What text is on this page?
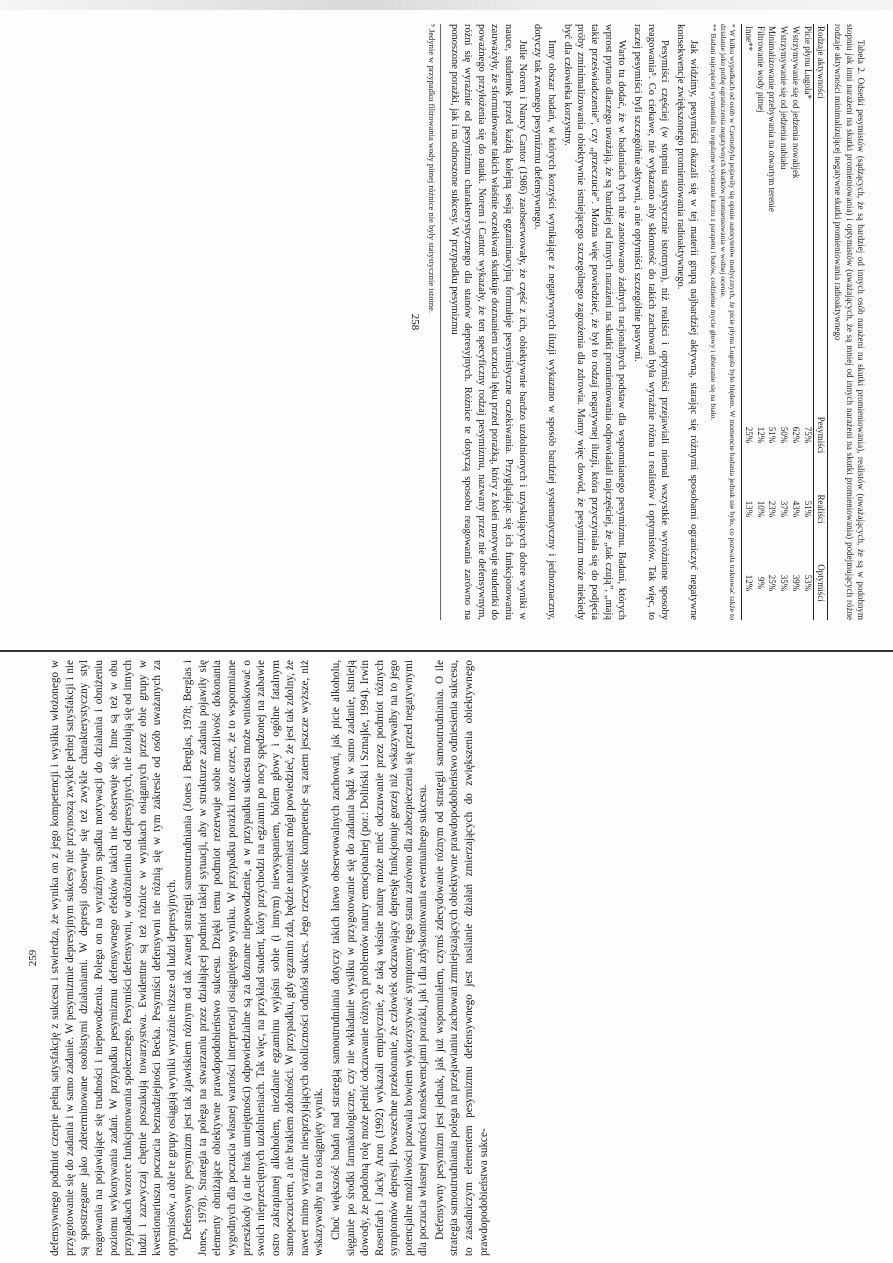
Tabela 2. Odsetki pesymistów (sądzących, że są bardziej od innych osób narażeni na skutki promieniowania), realistów (uważających, że są w podobnym stopniu jak inni narażeni na skutki promieniowania) i optymistów (uważających, że są mniej od innych narażeni na skutki promieniowania) podejmujących różne rodzaje aktywności minimalizującej negatywne skutki promieniowania radioaktywnego

Rodzaje aktywności	Pesymiści	Realiści	Optymiści
Picie płynu Lugola*	75%	51%	53%
Wstrzymywanie się od jedzenia nowalijek	62%	43%	39%
Wstrzymywanie się od jedzenia nabiału	50%	37%	35%
Minimalizowanie przebywania na otwartym terenie	51%	23%	25%
Filtrowanie wody pitnej	12%	10%	9%
Inne**	25%	13%	12%

* W kilku wypadkach od osób w Czernobylu pojawiły się opinie autorytetów medycznych, że picie płynu Lugola było błędem. W momencie badania jednak nie było, co pozwala traktować także to działanie jako próbę ograniczenia negatywnych skutków promieniowania w wolnej ocenie.

** Badani najczęściej wymieniali tu regularne wycieranie kurzu z parapetu i butów, codzienne mycie głowy i ubieranie się na biało.

Jak widzimy, pesymiści okazali się w tej materii grupą najbardziej aktywną, starając się różnymi sposobami ograniczyć negatywne konsekwencje zwiększonego promieniowania radioaktywnego.

Pesymiści częściej (w stopniu statystycznie istotnym), niż realiści i optymiści przejawiali niemal wszystkie wyróżnione sposoby reagowania⁵. Co ciekawe, nie wykazano aby skłonność do takich zachowań była wyraźnie różna u realistów i optymistów. Tak więc, to raczej pesymiści byli szczególnie aktywni, a nie optymiści szczególnie pasywni.

Warto tu dodać, że w badaniach tych nie zanotowano żadnych racjonalnych podstaw dla wspomnianego pesymizmu. Badani, których wprost pytano dlaczego uważają, że są bardziej od innych narażeni na skutki promieniowania odpowiadali najczęściej, że „tak czują”, „mają takie przeświadczenie”, czy „przeczucie”. Można więc powiedzieć, że był to rodzaj negatywnej iluzji, która przyczyniała się do podjęcia próby zminimalizowania obiektywnie istniejącego szczególnego zagrożenia dla zdrowia. Mamy więc dowód, że pesymizm może niekiedy być dla człowieka korzystny.

Inny obszar badań, w których korzyści wynikające z negatywnych iluzji wykazano w sposób bardziej systematyczny i jednoznaczny, dotyczy tak zwanego pesymizmu defensywnego.

Julie Norem i Nancy Cantor (1986) zaobserwowały, że część z ich, obiektywnie bardzo uzdolnionych i uzyskujących dobre wyniki w nauce, studentek przed każdą kolejną sesją egzaminacyjną formułuje pesymistyczne oczekiwania. Przyglądając się ich funkcjonowaniu zauważyły, że sformułowane takich właśnie oczekiwań skutkuje doznaniem uczucia lęku przed porażką, który z kolei motywuje studentki do poważnego przyłożenia się do nauki. Norem i Cantor wykazały, że ten specyficzny rodzaj pesymizmu, nazwany przez nie defensywnym, różni się wyraźnie od pesymizmu charakterystycznego dla stanów depresyjnych. Różnice te dotyczą sposobu reagowania zarówno na ponoszone porażki, jak i na odnoszone sukcesy. W przypadku pesymizmu

⁵ Jedynie w przypadku filtrowania wody pitnej różnice nie były statystycznie istotne.

258

259 defensywnego podmiot czerpie pełną satysfakcję z sukcesu i stwierdza, że wynika on z jego kompetencji i wysiłku włożonego w przygotowanie się do zadania i w samo zadanie. W pesymizmie depresyjnym sukcesy nie przynoszą zwykle pełnej satysfakcji i nie są spostrzegane jako zdeterminowane osobistymi działaniami. W depresji obserwuje się też zwykle charakterystyczny styl reagowania na pojawiające się trudności i niepowodzenia. Polega on na wyraźnym spadku motywacji do działania i obniżeniu poziomu wykonywania zadań. W przypadku pesymizmu defensywnego efektów takich nie obserwuje się. Inne są też w obu przypadkach wzorce funkcjonowania społecznego. Pesymiści defensywni, w odróżnieniu od depresyjnych, nie izolują się od innych ludzi i zazwyczaj chętnie poszukują towarzystwa. Ewidentne są też różnice w wynikach osiąganych przez obie grupy w kwestionariuszu poczucia beznadziejności Becka. Pesymiści defensywni nie różnią się w tym zakresie od osób uważanych za optymistów, a obie te grupy osiągają wyniki wyraźnie niższe od ludzi depresyjnych. Defensywny pesymizm jest tak zjawiskiem różnym od tak zwanej strategii samoutrudniania (Jones i Berglas, 1978; Berglas i Jones, 1978). Strategia ta polega na stwarzaniu przez działającej podmiot takiej sytuacji, aby w strukturze zadania pojawiły się elementy obniżające obiektywne prawdopodobieństwo sukcesu. Dzięki temu podmiot rezerwuje sobie możliwość dokonania wygodnych dla poczucia własnej wartości interpretacji osiągniętego wyniku. W przypadku porażki może orzec, że to wspomniane przeszkody (a nie brak umiejętności) odpowiedzialne są za doznane niepowodzenie, a w przypadku sukcesu może wnioskować o swoich nieprzeciętnych uzdolnieniach. Tak więc, na przykład student, który przychodzi na egzamin po nocy spędzonej na zabawie ostro zakrapianej alkoholem, niezdanie egzaminu wyjaśni sobie (i innym) niewyspaniem, bólem głowy i ogólne fatalnym samopoczuciem, a nie brakiem zdolności. W przypadku, gdy egzamin zda, będzie natomiast mógł powiedzieć, że jest tak zdolny, że nawet mimo wyraźnie niesprzyjających okoliczności odniósł sukces. Jego rzeczywiste kompetencje są zatem jeszcze wyższe, niż wskazywałby na to osiągnięty wynik. Choć większość badań nad strategią samoutrudniania dotyczy takich łatwo obserwowalnych zachowań, jak picie alkoholu, sięganie po środki farmakologiczne, czy nie wkładanie wysiłku w przygotowanie się do zadania bądź w samo zadanie, istnieją dowody, że podobną rolę może pełnić odczuwanie różnych problemów natury emocjonalnej (por.: Doliński i Szmajke, 1994). Irwin Rosenfarb i Jacky Aron (1992) wykazali empirycznie, że taką właśnie naturę może mieć odczuwanie przez podmiot różnych symptomów depresji. Powszechne przekonanie, że człowiek odczuwający depresję funkcjonuje gorzej niż wskazywałby na to jego potencjalne możliwości pozwala bowiem wykorzystywać symptomy tego stanu zarówno dla zabezpieczenia się przed negatywnymi dla poczucia własnej wartości konsekwencjami porażki, jak i dla zdyskontowania ewentualnego sukcesu. Defensywny pesymizm jest jednak, jak już wspomniałem, czymś zdecydowanie różnym od strategii samoutrudniania. O ile strategia samoutrudniania polega na przejawianiu zachowań zmniejszających obiektywne prawdopodobieństwo odniesienia sukcesu, to zasadniczym elementem pesymizmu defensywnego jest nasilanie działań zmierzających do zwiększenia obiektywnego prawdopodobieństwa sukce-
